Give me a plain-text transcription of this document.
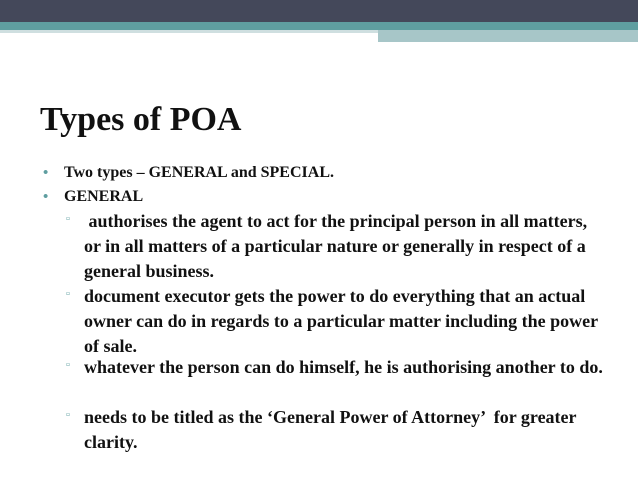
Types of POA
• Two types – GENERAL and SPECIAL.
• GENERAL
▫ authorises the agent to act for the principal person in all matters, or in all matters of a particular nature or generally in respect of a general business.
▫ document executor gets the power to do everything that an actual owner can do in regards to a particular matter including the power of sale.
▫ whatever the person can do himself, he is authorising another to do.
▫ needs to be titled as the ‘General Power of Attorney’  for greater clarity.
